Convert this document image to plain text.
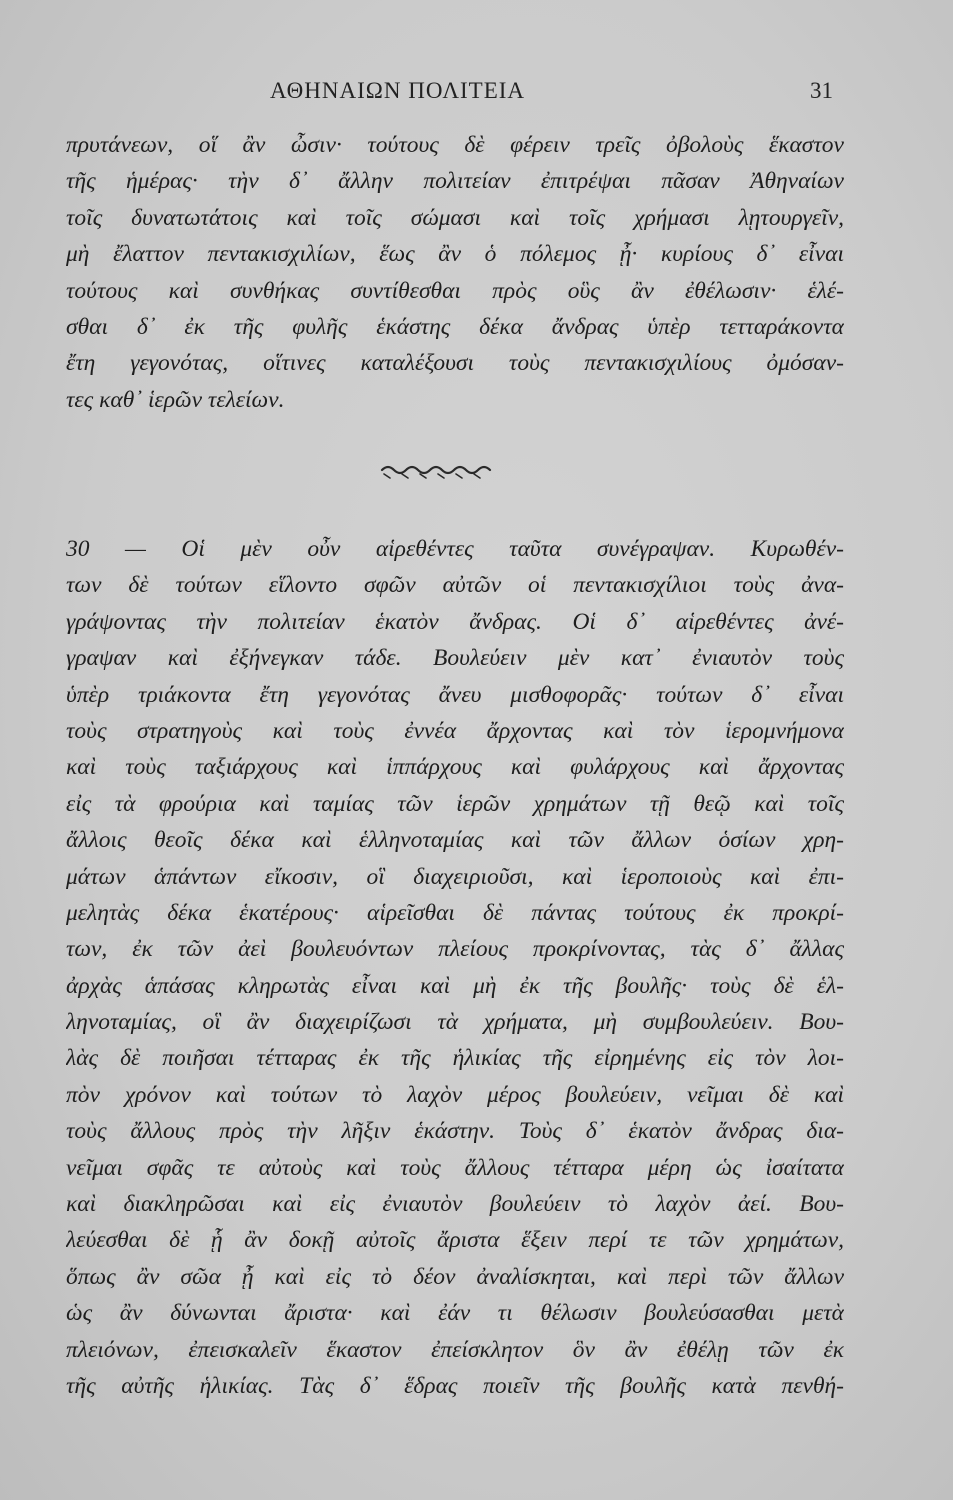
ΑΘΗΝΑΙΩΝ ΠΟΛΙΤΕΙΑ	31
πρυτάνεων, οἵ ἂν ὦσιν· τούτους δὲ φέρειν τρεῖς ὀβολοὺς ἕκαστον
τῆς ἡμέρας· τὴν δ᾽ ἄλλην πολιτείαν ἐπιτρέψαι πᾶσαν Ἀθηναίων
τοῖς δυνατωτάτοις καὶ τοῖς σώμασι καὶ τοῖς χρήμασι λῃτουργεῖν,
μὴ ἔλαττον πεντακισχιλίων, ἕως ἂν ὁ πόλεμος ᾖ· κυρίους δ᾽ εἶναι
τούτους καὶ συνθήκας συντίθεσθαι πρὸς οὓς ἂν ἐθέλωσιν· ἑλέ-
σθαι δ᾽ ἐκ τῆς φυλῆς ἑκάστης δέκα ἄνδρας ὑπὲρ τετταράκοντα
ἔτη γεγονότας, οἵτινες καταλέξουσι τοὺς πεντακισχιλίους ὀμόσαν-
τες καθ᾽ ἱερῶν τελείων.
30 — Οἱ μὲν οὖν αἱρεθέντες ταῦτα συνέγραψαν. Κυρωθέν-
των δὲ τούτων εἵλοντο σφῶν αὐτῶν οἱ πεντακισχίλιοι τοὺς ἀνα-
γράψοντας τὴν πολιτείαν ἑκατὸν ἄνδρας. Οἱ δ᾽ αἱρεθέντες ἀνέ-
γραψαν καὶ ἐξήνεγκαν τάδε. Βουλεύειν μὲν κατ᾽ ἐνιαυτὸν τοὺς
ὑπὲρ τριάκοντα ἔτη γεγονότας ἄνευ μισθοφορᾶς· τούτων δ᾽ εἶναι
τοὺς στρατηγοὺς καὶ τοὺς ἐννέα ἄρχοντας καὶ τὸν ἱερομνήμονα
καὶ τοὺς ταξιάρχους καὶ ἱππάρχους καὶ φυλάρχους καὶ ἄρχοντας
εἰς τὰ φρούρια καὶ ταμίας τῶν ἱερῶν χρημάτων τῇ θεῷ καὶ τοῖς
ἄλλοις θεοῖς δέκα καὶ ἑλληνοταμίας καὶ τῶν ἄλλων ὁσίων χρη-
μάτων ἁπάντων εἴκοσιν, οἳ διαχειριοῦσι, καὶ ἱεροποιοὺς καὶ ἐπι-
μελητὰς δέκα ἑκατέρους· αἱρεῖσθαι δὲ πάντας τούτους ἐκ προκρί-
των, ἐκ τῶν ἀεὶ βουλευόντων πλείους προκρίνοντας, τὰς δ᾽ ἄλλας
ἀρχὰς ἁπάσας κληρωτὰς εἶναι καὶ μὴ ἐκ τῆς βουλῆς· τοὺς δὲ ἑλ-
ληνοταμίας, οἳ ἂν διαχειρίζωσι τὰ χρήματα, μὴ συμβουλεύειν. Βου-
λὰς δὲ ποιῆσαι τέτταρας ἐκ τῆς ἡλικίας τῆς εἰρημένης εἰς τὸν λοι-
πὸν χρόνον καὶ τούτων τὸ λαχὸν μέρος βουλεύειν, νεῖμαι δὲ καὶ
τοὺς ἄλλους πρὸς τὴν λῆξιν ἑκάστην. Τοὺς δ᾽ ἑκατὸν ἄνδρας δια-
νεῖμαι σφᾶς τε αὐτοὺς καὶ τοὺς ἄλλους τέτταρα μέρη ὡς ἰσαίτατα
καὶ διακληρῶσαι καὶ εἰς ἐνιαυτὸν βουλεύειν τὸ λαχὸν ἀεί. Βου-
λεύεσθαι δὲ ᾗ ἂν δοκῇ αὐτοῖς ἄριστα ἕξειν περί τε τῶν χρημάτων,
ὅπως ἂν σῶα ᾖ καὶ εἰς τὸ δέον ἀναλίσκηται, καὶ περὶ τῶν ἄλλων
ὡς ἂν δύνωνται ἄριστα· καὶ ἐάν τι θέλωσιν βουλεύσασθαι μετὰ
πλειόνων, ἐπεισκαλεῖν ἕκαστον ἐπείσκλητον ὃν ἂν ἐθέλῃ τῶν ἐκ
τῆς αὐτῆς ἡλικίας. Τὰς δ᾽ ἕδρας ποιεῖν τῆς βουλῆς κατὰ πενθή-
